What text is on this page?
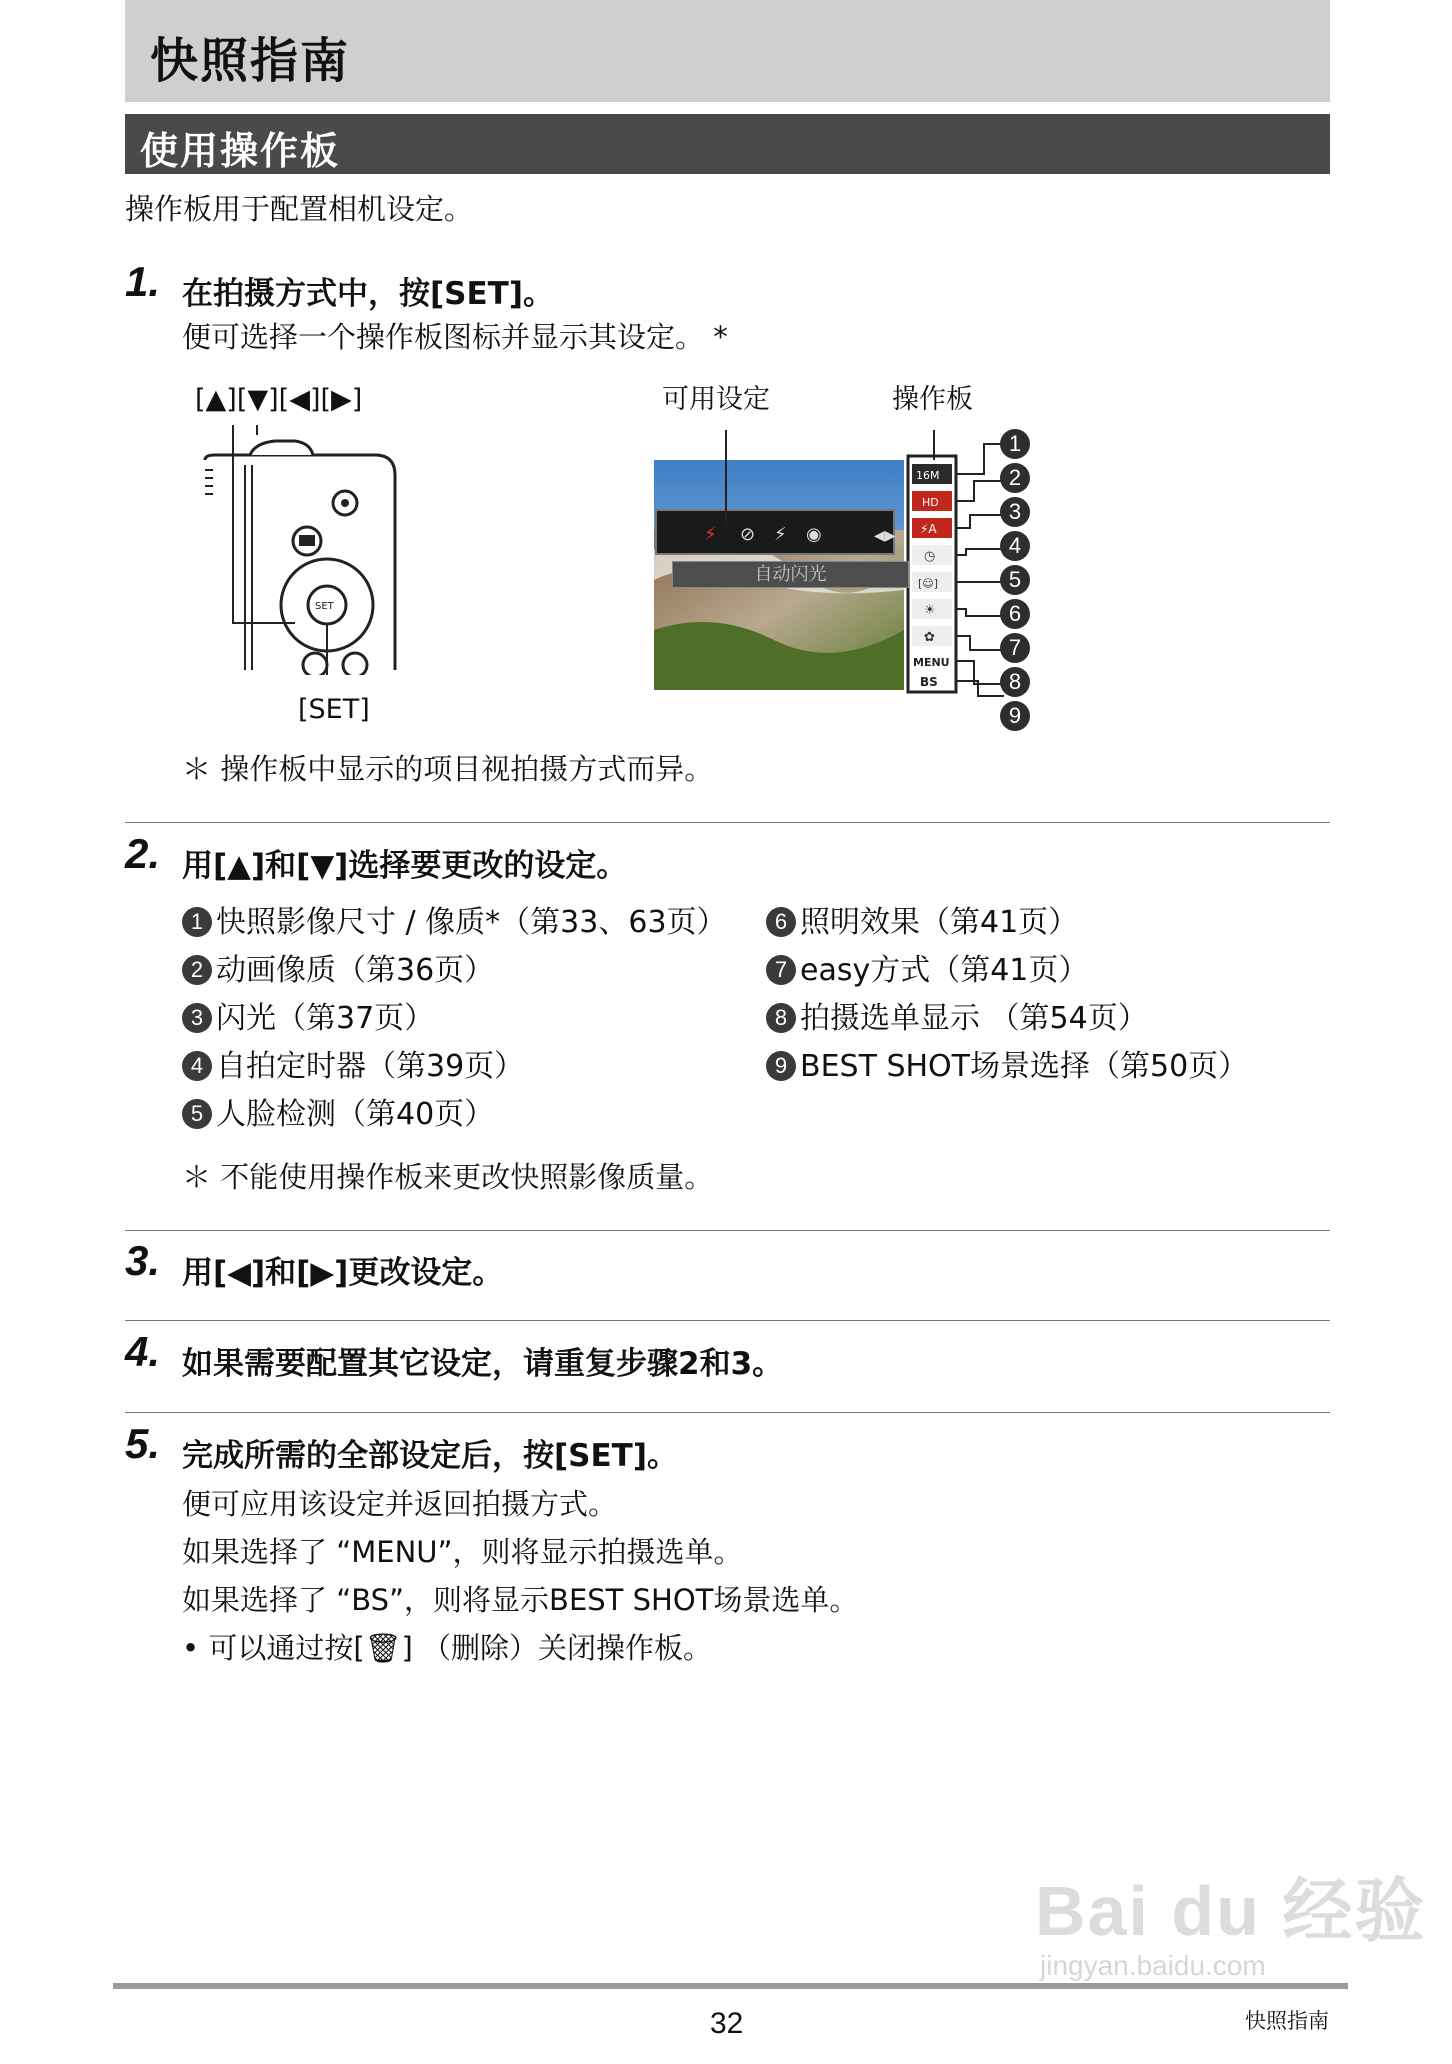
快照指南
使用操作板
操作板用于配置相机设定。
1. 在拍摄方式中，按[SET]。
便可选择一个操作板图标并显示其设定。 *
[▲][▼][◀][▶]	可用设定	操作板
[SET]
SET
⚡ ⊘ ⚡ ◉	◀▶
16M
HD
⚡A
◷
[☺]
☀
✿
MENU
BS
自动闪光
1
2
3
4
5
6
7
8
9
＊ 操作板中显示的项目视拍摄方式而异。
2. 用[▲]和[▼]选择要更改的设定。
1 快照影像尺寸 / 像质*（第33、63页）
2 动画像质（第36页）
3 闪光（第37页）
4 自拍定时器（第39页）
5 人脸检测（第40页）
6 照明效果（第41页）
7 easy方式（第41页）
8 拍摄选单显示 （第54页）
9 BEST SHOT场景选择（第50页）
＊ 不能使用操作板来更改快照影像质量。
3. 用[◀]和[▶]更改设定。
4. 如果需要配置其它设定，请重复步骤2和3。
5. 完成所需的全部设定后，按[SET]。
便可应用该设定并返回拍摄方式。
如果选择了 “MENU”，则将显示拍摄选单。
如果选择了 “BS”，则将显示BEST SHOT场景选单。
• 可以通过按[🗑] （删除）关闭操作板。
Bai du 经验
jingyan.baidu.com
32	快照指南
